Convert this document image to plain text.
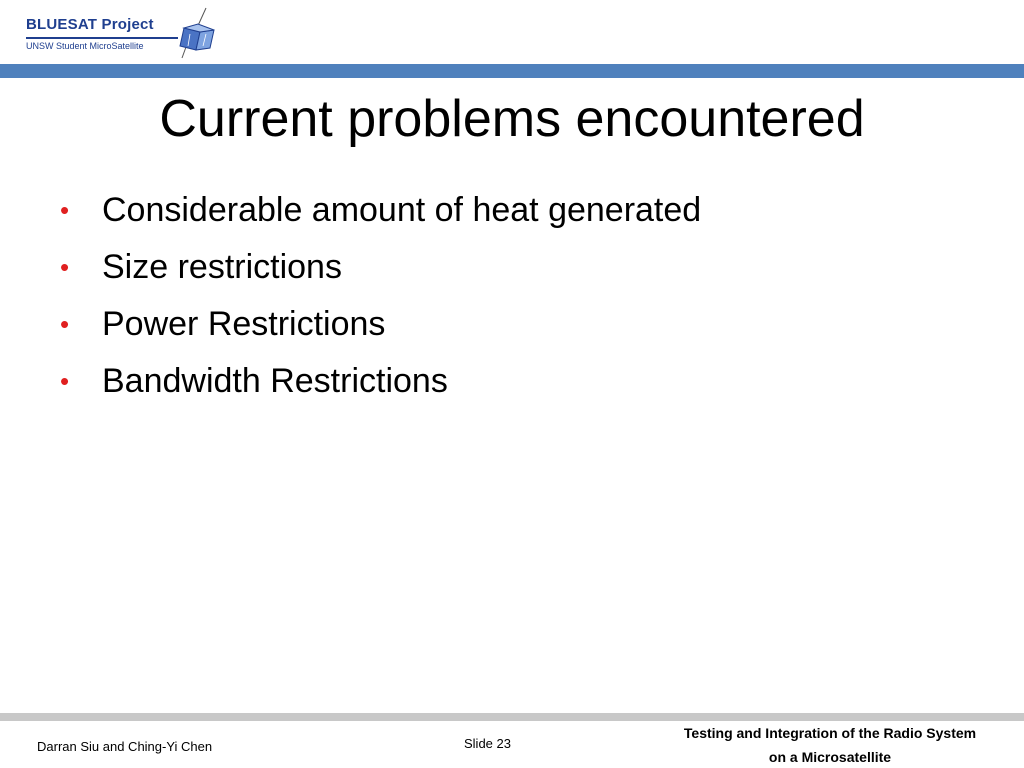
BLUESAT Project
UNSW Student MicroSatellite
Current problems encountered
• Considerable amount of heat generated
• Size restrictions
• Power Restrictions
• Bandwidth Restrictions
Darran Siu and Ching-Yi Chen	Slide 23
Testing and Integration of the Radio System
on a Microsatellite
